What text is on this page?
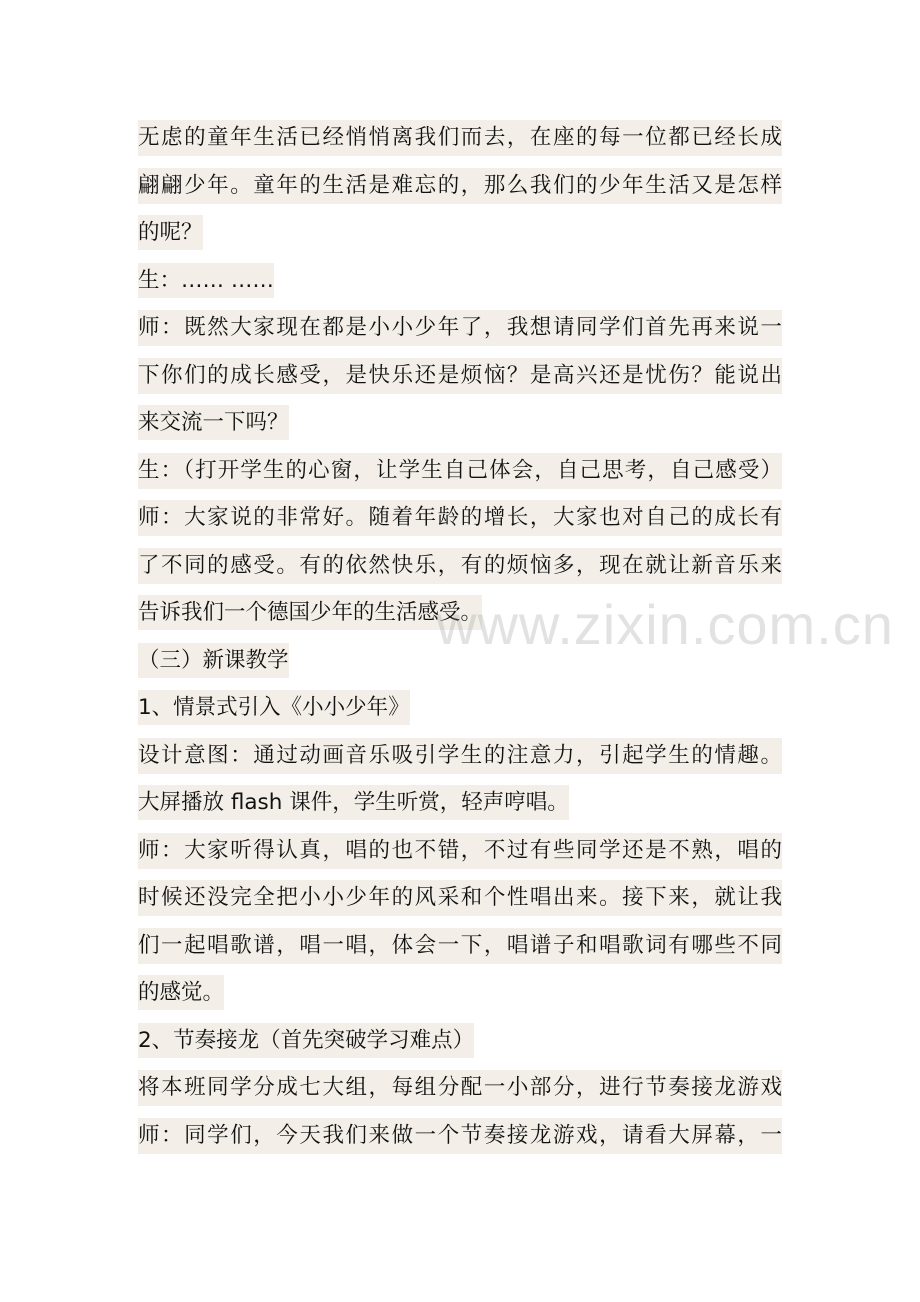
无虑的童年生活已经悄悄离我们而去，在座的每一位都已经长成
翩翩少年。童年的生活是难忘的，那么我们的少年生活又是怎样
的呢？
生：…… ……
师：既然大家现在都是小小少年了，我想请同学们首先再来说一
下你们的成长感受，是快乐还是烦恼？是高兴还是忧伤？能说出
来交流一下吗？
生：（打开学生的心窗，让学生自己体会，自己思考，自己感受）
师：大家说的非常好。随着年龄的增长，大家也对自己的成长有
了不同的感受。有的依然快乐，有的烦恼多，现在就让新音乐来
告诉我们一个德国少年的生活感受。
（三）新课教学
1、情景式引入《小小少年》
设计意图：通过动画音乐吸引学生的注意力，引起学生的情趣。
大屏播放 flash 课件，学生听赏，轻声哼唱。
师：大家听得认真，唱的也不错，不过有些同学还是不熟，唱的
时候还没完全把小小少年的风采和个性唱出来。接下来，就让我
们一起唱歌谱，唱一唱，体会一下，唱谱子和唱歌词有哪些不同
的感觉。
2、节奏接龙（首先突破学习难点）
将本班同学分成七大组，每组分配一小部分，进行节奏接龙游戏
师：同学们，今天我们来做一个节奏接龙游戏，请看大屏幕，一
www.zixin.com.cn
